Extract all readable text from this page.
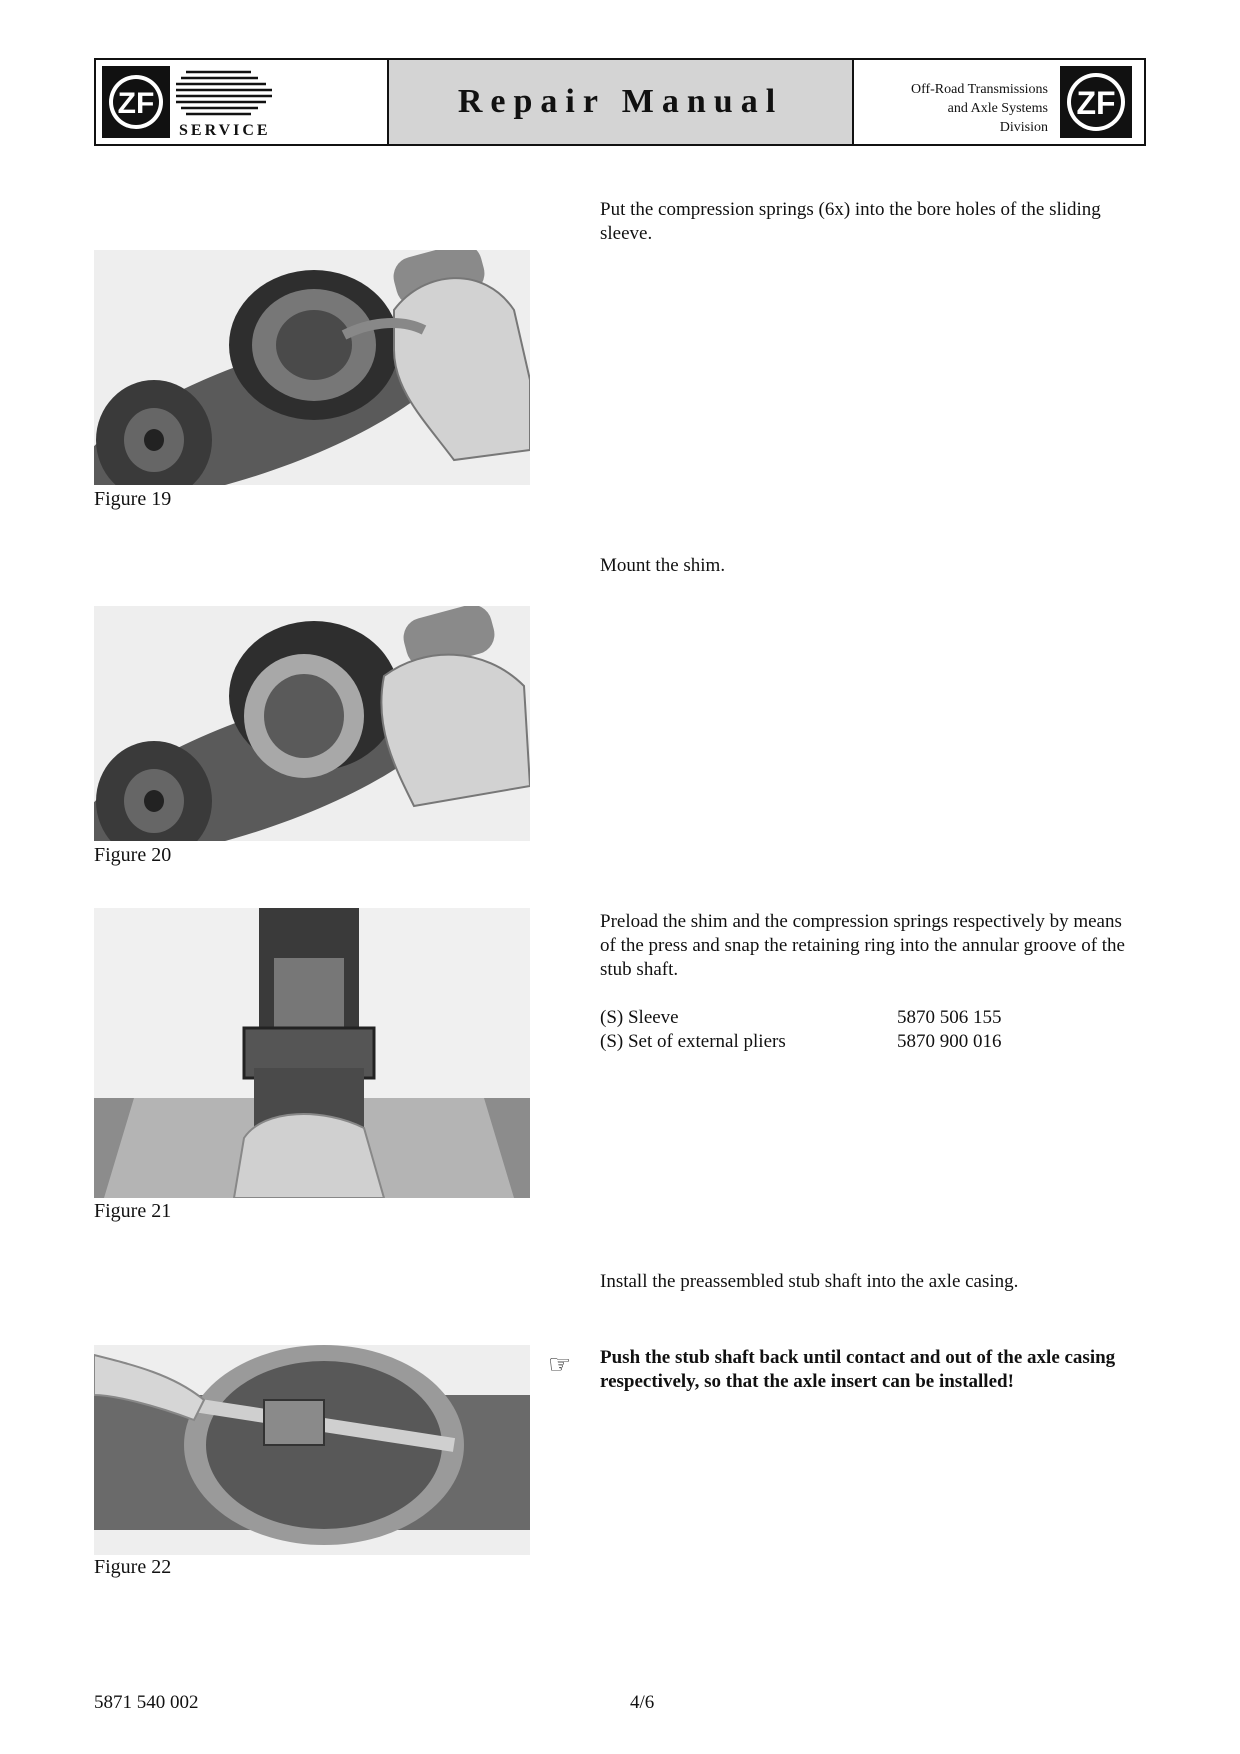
ZF
SERVICE
Repair Manual	Off-Road Transmissions
and Axle Systems
Division
ZF
Figure 19
Put the compression springs (6x) into the bore holes of the sliding sleeve.
Figure 20
Mount the shim.
Figure 21
Preload the shim and the compression springs respectively by means of the press and snap the retaining ring into the annular groove of the stub shaft.
(S) Sleeve	5870 506 155
(S) Set of external pliers	5870 900 016
Figure 22
Install the preassembled stub shaft into the axle casing.
☞ Push the stub shaft back until contact and out of the axle casing respectively, so that the axle insert can be installed!
5871 540 002	4/6
